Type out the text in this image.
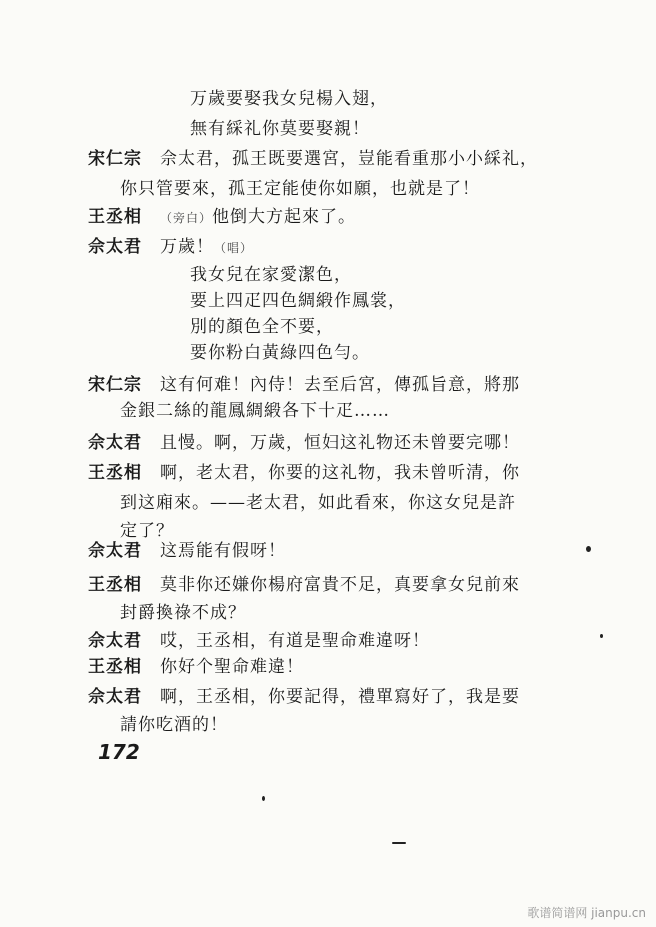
万歲要娶我女兒楊入翅，
無有綵礼你莫要娶親！
宋仁宗 佘太君，孤王既要選宮，豈能看重那小小綵礼，
你只管要來，孤王定能使你如願，也就是了！
王丞相 （旁白）他倒大方起來了。
佘太君 万歲！（唱）
我女兒在家愛潔色，
要上四疋四色綢緞作鳳裳，
別的顏色全不要，
要你粉白黃綠四色勻。
宋仁宗 这有何难！內侍！去至后宮，傳孤旨意，將那
金銀二絲的龍鳳綢緞各下十疋……
佘太君 且慢。啊，万歲，恒妇这礼物还未曾要完哪！
王丞相 啊，老太君，你要的这礼物，我未曾听清，你
到这廂來。——老太君，如此看來，你这女兒是許
定了？
佘太君 这焉能有假呀！
王丞相 莫非你还嫌你楊府富貴不足，真要拿女兒前來
封爵換祿不成？
佘太君 哎，王丞相，有道是聖命难違呀！
王丞相 你好个聖命难違！
佘太君 啊，王丞相，你要記得，禮單寫好了，我是要
請你吃酒的！
172
歌谱简谱网 jianpu.cn
